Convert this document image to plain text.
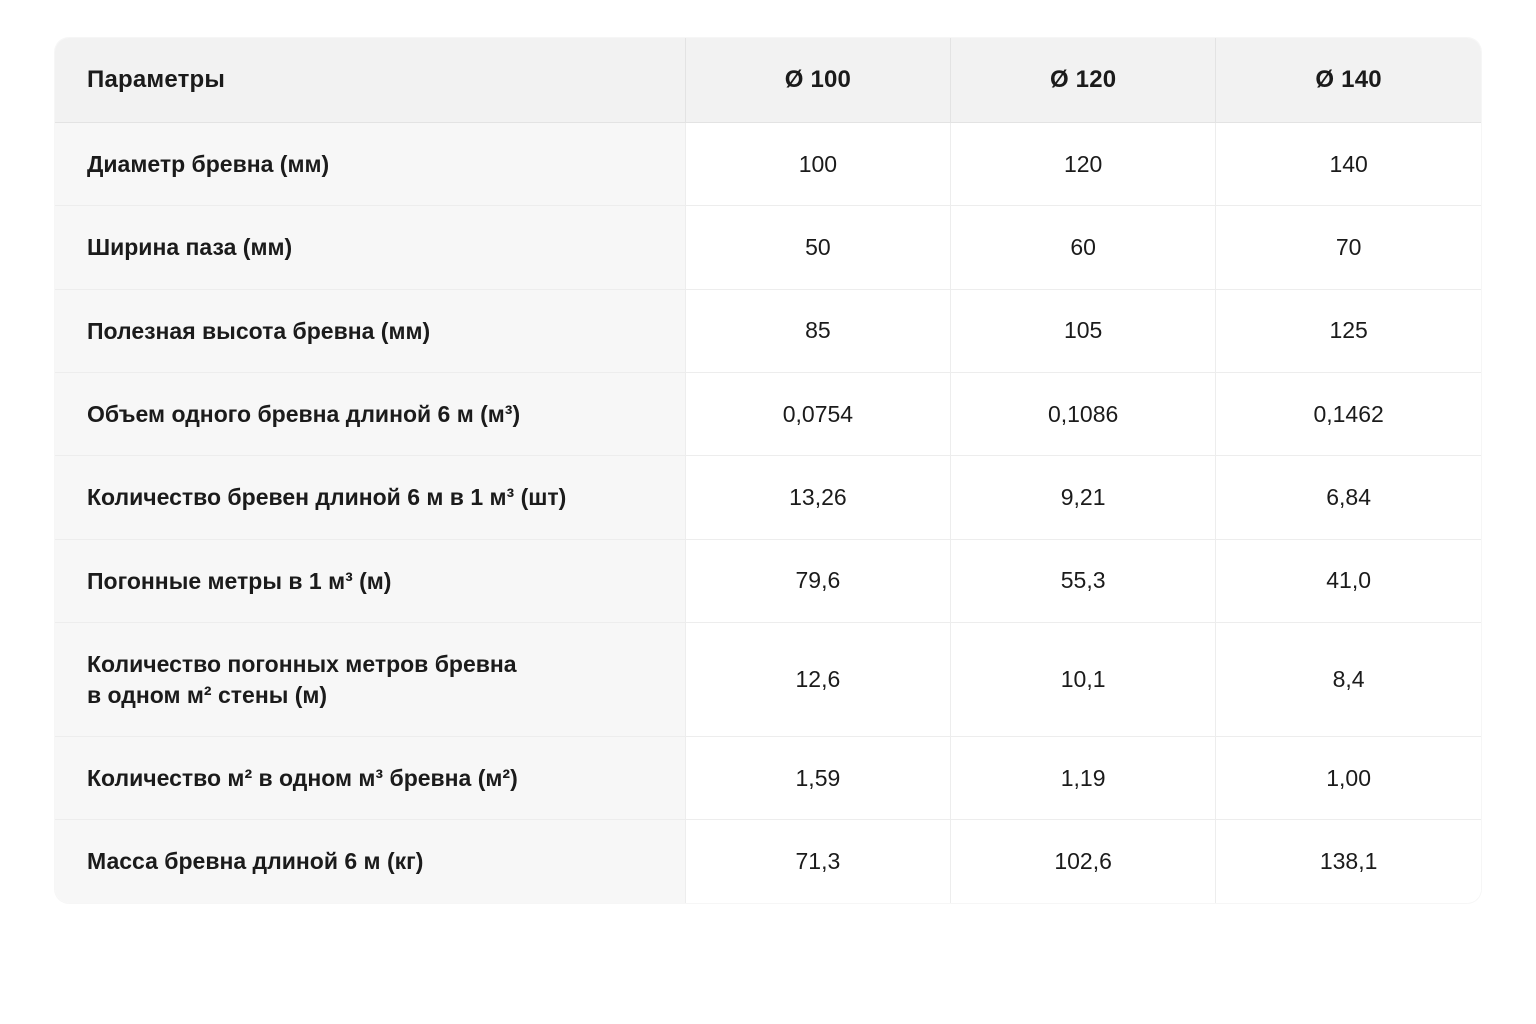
Параметры	Ø 100	Ø 120	Ø 140

Диаметр бревна (мм)	100	120	140

Ширина паза (мм)	50	60	70

Полезная высота бревна (мм)	85	105	125

Объем одного бревна длиной 6 м (м³)	0,0754	0,1086	0,1462

Количество бревен длиной 6 м в 1 м³ (шт)	13,26	9,21	6,84

Погонные метры в 1 м³ (м)	79,6	55,3	41,0

Количество погонных метров бревна
в одном м² стены (м)	12,6	10,1	8,4

Количество м² в одном м³ бревна (м²)	1,59	1,19	1,00

Масса бревна длиной 6 м (кг)	71,3	102,6	138,1
